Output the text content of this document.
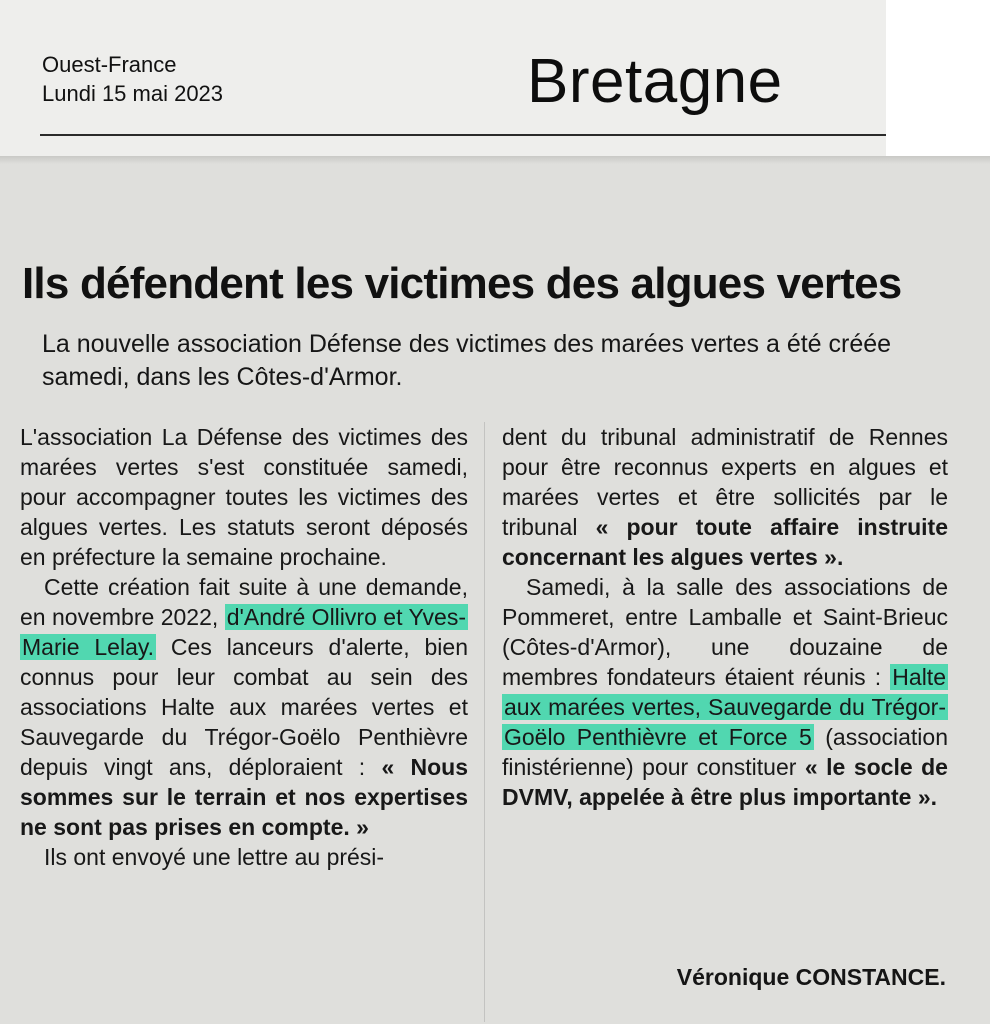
Ouest-France
Lundi 15 mai 2023	Bretagne
Ils défendent les victimes des algues vertes
La nouvelle association Défense des victimes des marées vertes a été créée samedi, dans les Côtes-d'Armor.

L'association La Défense des victimes des marées vertes s'est constituée samedi, pour accompagner toutes les victimes des algues vertes. Les statuts seront déposés en préfecture la semaine prochaine.

Cette création fait suite à une demande, en novembre 2022, d'André Ollivro et Yves-Marie Lelay. Ces lanceurs d'alerte, bien connus pour leur combat au sein des associations Halte aux marées vertes et Sauvegarde du Trégor-Goëlo Penthièvre depuis vingt ans, déploraient : « Nous sommes sur le terrain et nos expertises ne sont pas prises en compte. »

Ils ont envoyé une lettre au prési-

dent du tribunal administratif de Rennes pour être reconnus experts en algues et marées vertes et être sollicités par le tribunal « pour toute affaire instruite concernant les algues vertes ».

Samedi, à la salle des associations de Pommeret, entre Lamballe et Saint-Brieuc (Côtes-d'Armor), une douzaine de membres fondateurs étaient réunis : Halte aux marées vertes, Sauvegarde du Trégor-Goëlo Penthièvre et Force 5 (association finistérienne) pour constituer « le socle de DVMV, appelée à être plus importante ».

Véronique CONSTANCE.
